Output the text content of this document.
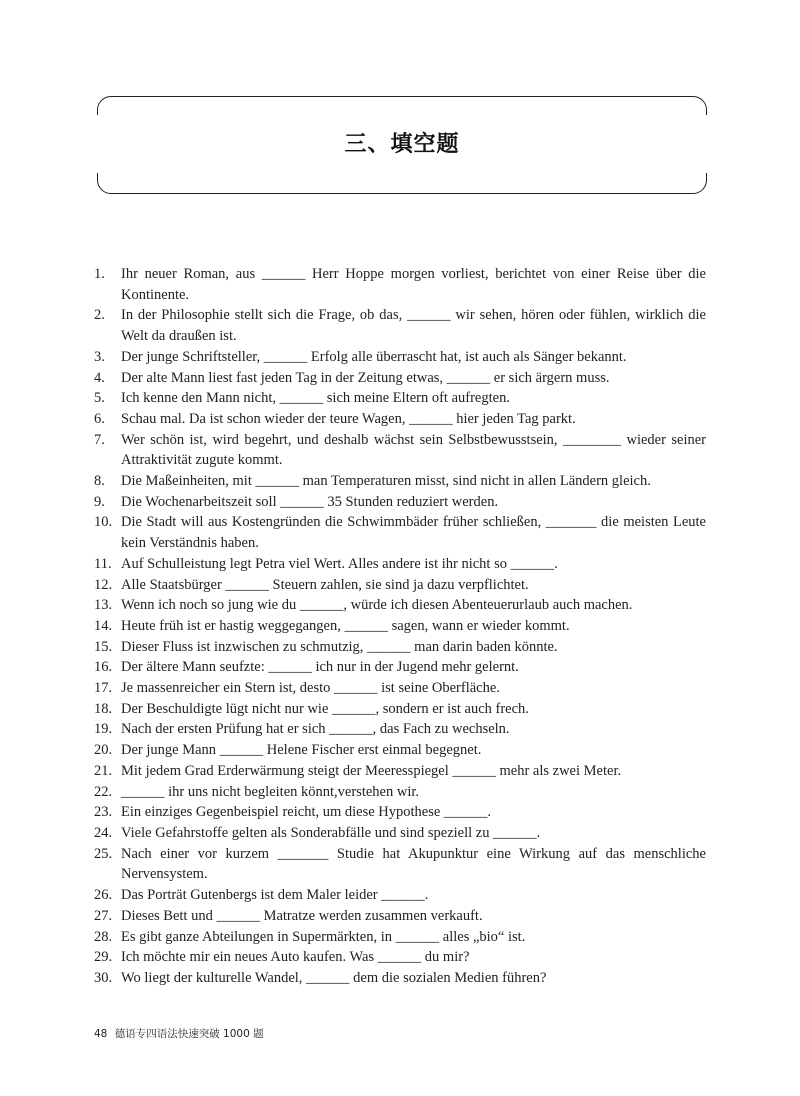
三、填空题
1.	Ihr neuer Roman, aus ______ Herr Hoppe morgen vorliest, berichtet von einer Reise über die Kontinente.
2.	In der Philosophie stellt sich die Frage, ob das, ______ wir sehen, hören oder fühlen, wirklich die Welt da draußen ist.
3.	Der junge Schriftsteller, ______ Erfolg alle überrascht hat, ist auch als Sänger bekannt.
4.	Der alte Mann liest fast jeden Tag in der Zeitung etwas, ______ er sich ärgern muss.
5.	Ich kenne den Mann nicht, ______ sich meine Eltern oft aufregten.
6.	Schau mal. Da ist schon wieder der teure Wagen, ______ hier jeden Tag parkt.
7.	Wer schön ist, wird begehrt, und deshalb wächst sein Selbstbewusstsein, ________ wieder seiner Attraktivität zugute kommt.
8.	Die Maßeinheiten, mit ______ man Temperaturen misst, sind nicht in allen Ländern gleich.
9.	Die Wochenarbeitszeit soll ______ 35 Stunden reduziert werden.
10. Die Stadt will aus Kostengründen die Schwimmbäder früher schließen, _______ die meisten Leute kein Verständnis haben.
11. Auf Schulleistung legt Petra viel Wert. Alles andere ist ihr nicht so ______.
12. Alle Staatsbürger ______ Steuern zahlen, sie sind ja dazu verpflichtet.
13. Wenn ich noch so jung wie du ______, würde ich diesen Abenteuerurlaub auch machen.
14. Heute früh ist er hastig weggegangen, ______ sagen, wann er wieder kommt.
15. Dieser Fluss ist inzwischen zu schmutzig, ______ man darin baden könnte.
16. Der ältere Mann seufzte: ______ ich nur in der Jugend mehr gelernt.
17. Je massenreicher ein Stern ist, desto ______ ist seine Oberfläche.
18. Der Beschuldigte lügt nicht nur wie ______, sondern er ist auch frech.
19. Nach der ersten Prüfung hat er sich ______, das Fach zu wechseln.
20. Der junge Mann ______ Helene Fischer erst einmal begegnet.
21. Mit jedem Grad Erderwärmung steigt der Meeresspiegel ______ mehr als zwei Meter.
22. ______ ihr uns nicht begleiten könnt,verstehen wir.
23. Ein einziges Gegenbeispiel reicht, um diese Hypothese ______.
24. Viele Gefahrstoffe gelten als Sonderabfälle und sind speziell zu ______.
25. Nach einer vor kurzem _______ Studie hat Akupunktur eine Wirkung auf das menschliche Nervensystem.
26. Das Porträt Gutenbergs ist dem Maler leider ______.
27. Dieses Bett und ______ Matratze werden zusammen verkauft.
28. Es gibt ganze Abteilungen in Supermärkten, in ______ alles „bio“ ist.
29. Ich möchte mir ein neues Auto kaufen. Was ______ du mir?
30. Wo liegt der kulturelle Wandel, ______ dem die sozialen Medien führen?
48 德语专四语法快速突破 1000 题
